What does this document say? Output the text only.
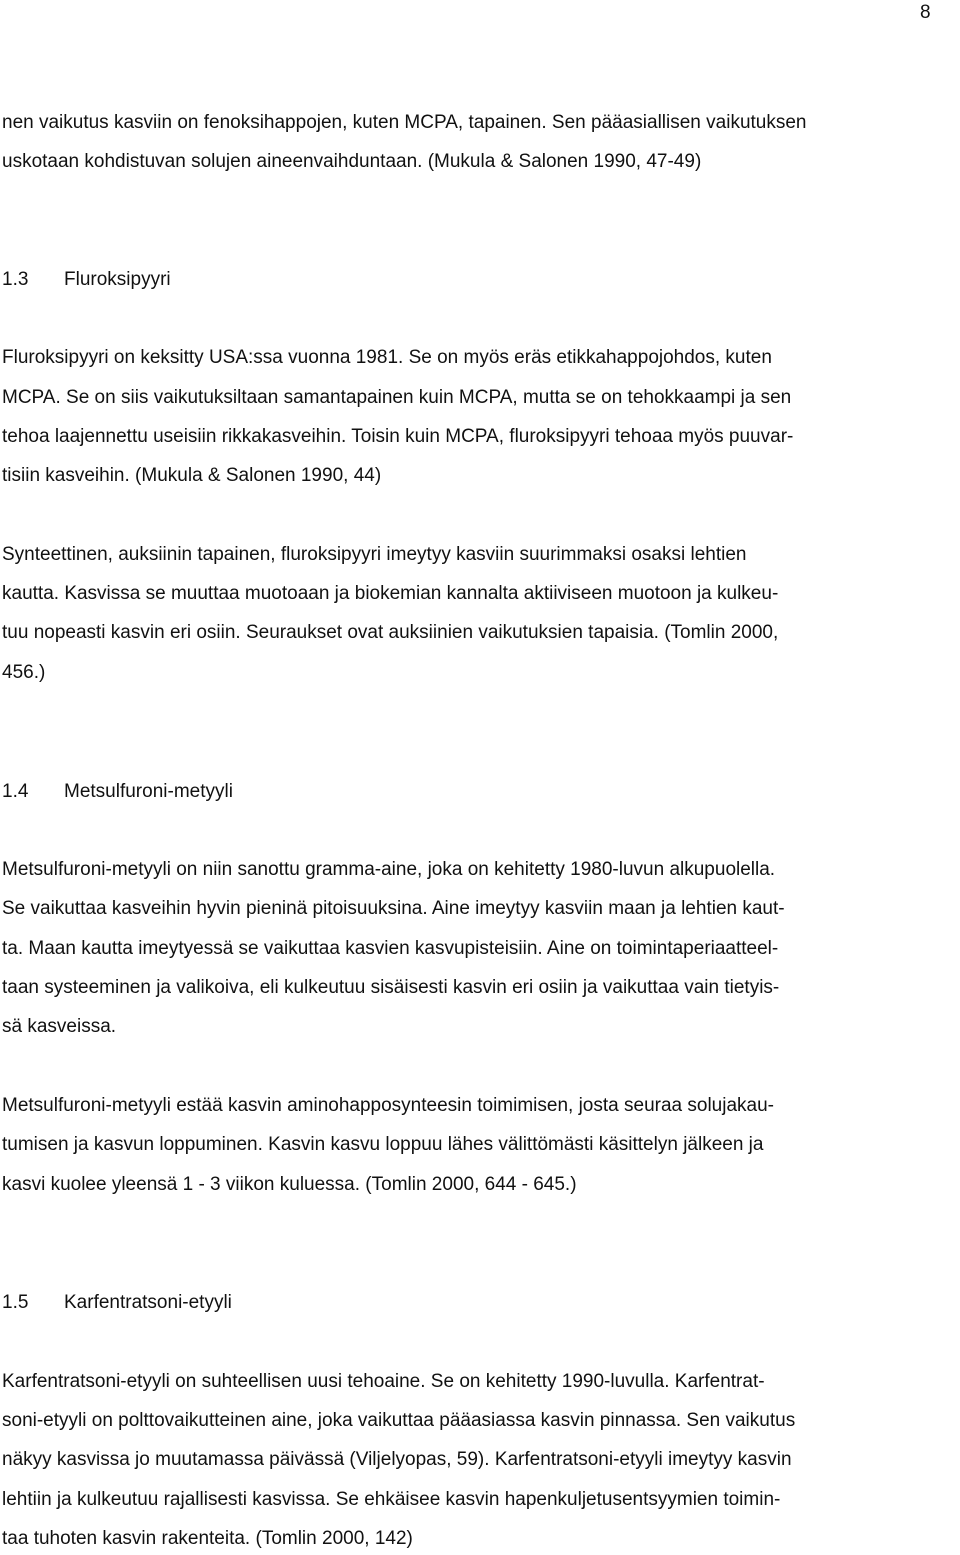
8
nen vaikutus kasviin on fenoksihappojen, kuten MCPA, tapainen. Sen pääasiallisen vaikutuksen
uskotaan kohdistuvan solujen aineenvaihduntaan. (Mukula & Salonen 1990, 47-49)
1.3 Fluroksipyyri
Fluroksipyyri on keksitty USA:ssa vuonna 1981. Se on myös eräs etikkahappojohdos, kuten
MCPA. Se on siis vaikutuksiltaan samantapainen kuin MCPA, mutta se on tehokkaampi ja sen
tehoa laajennettu useisiin rikkakasveihin. Toisin kuin MCPA, fluroksipyyri tehoaa myös puuvar-
tisiin kasveihin. (Mukula & Salonen 1990, 44)
Synteettinen, auksiinin tapainen, fluroksipyyri imeytyy kasviin suurimmaksi osaksi lehtien
kautta. Kasvissa se muuttaa muotoaan ja biokemian kannalta aktiiviseen muotoon ja kulkeu-
tuu nopeasti kasvin eri osiin. Seuraukset ovat auksiinien vaikutuksien tapaisia. (Tomlin 2000,
456.)
1.4 Metsulfuroni-metyyli
Metsulfuroni-metyyli on niin sanottu gramma-aine, joka on kehitetty 1980-luvun alkupuolella.
Se vaikuttaa kasveihin hyvin pieninä pitoisuuksina. Aine imeytyy kasviin maan ja lehtien kaut-
ta. Maan kautta imeytyessä se vaikuttaa kasvien kasvupisteisiin. Aine on toimintaperiaatteel-
taan systeeminen ja valikoiva, eli kulkeutuu sisäisesti kasvin eri osiin ja vaikuttaa vain tietyis-
sä kasveissa.
Metsulfuroni-metyyli estää kasvin aminohapposynteesin toimimisen, josta seuraa solujakau-
tumisen ja kasvun loppuminen. Kasvin kasvu loppuu lähes välittömästi käsittelyn jälkeen ja
kasvi kuolee yleensä 1 - 3 viikon kuluessa. (Tomlin 2000, 644 - 645.)
1.5 Karfentratsoni-etyyli
Karfentratsoni-etyyli on suhteellisen uusi tehoaine. Se on kehitetty 1990-luvulla. Karfentrat-
soni-etyyli on polttovaikutteinen aine, joka vaikuttaa pääasiassa kasvin pinnassa. Sen vaikutus
näkyy kasvissa jo muutamassa päivässä (Viljelyopas, 59). Karfentratsoni-etyyli imeytyy kasvin
lehtiin ja kulkeutuu rajallisesti kasvissa. Se ehkäisee kasvin hapenkuljetusentsyymien toimin-
taa tuhoten kasvin rakenteita. (Tomlin 2000, 142)
